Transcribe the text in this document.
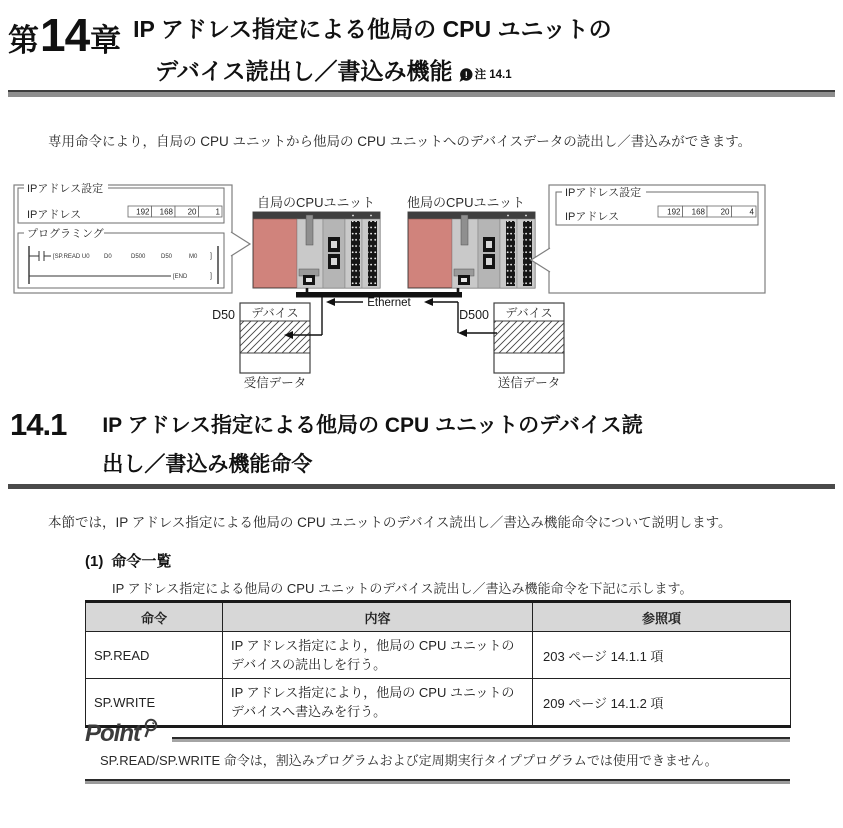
第 14 章 IP アドレス指定による他局の CPU ユニットの
デバイス読出し／書込み機能 ! 注 14.1

専用命令により，自局の CPU ユニットから他局の CPU ユニットへのデバイスデータの読出し／書込みができます。

自局のCPUユニット 他局のCPUユニット
IPアドレス設定
IPアドレス	192 168 20 1
プログラミング
[SP.READ U0 D0	D500	D50	M0 ]
[END	]
IPアドレス設定
IPアドレス	192 168 20	4
デバイス
D50
受信データ
デバイス
D500
送信データ
Ethernet
14.1 IP アドレス指定による他局の CPU ユニットのデバイス読
出し／書込み機能命令

本節では，IP アドレス指定による他局の CPU ユニットのデバイス読出し／書込み機能命令について説明します。

(1) 命令一覧

IP アドレス指定による他局の CPU ユニットのデバイス読出し／書込み機能命令を下記に示します。

命令	内容	参照項
SP.READ	IP アドレス指定により，他局の CPU ユニットのデバイスの読出しを行う。	203 ページ 14.1.1 項
SP.WRITE	IP アドレス指定により，他局の CPU ユニットのデバイスへ書込みを行う。	209 ページ 14.1.2 項
Point

SP.READ/SP.WRITE 命令は，割込みプログラムおよび定周期実行タイププログラムでは使用できません。
